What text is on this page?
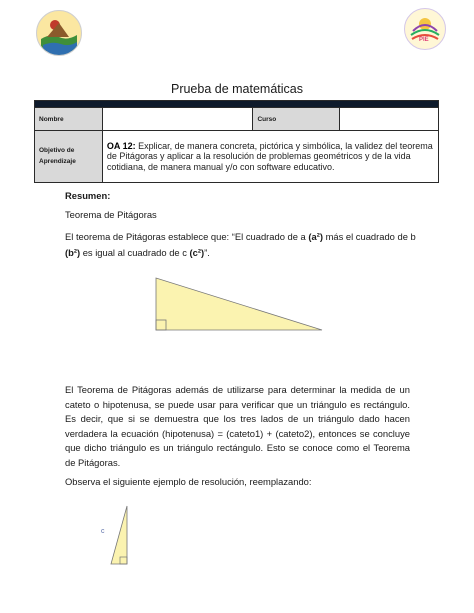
PIE
Prueba de matemáticas

Nombre		Curso	
Objetivo de
Aprendizaje	OA 12: Explicar, de manera concreta, pictórica y simbólica, la validez del teorema de Pitágoras y aplicar a la resolución de problemas geométricos y de la vida cotidiana, de manera manual y/o con software educativo.		
Resumen:
Teorema de Pitágoras
El teorema de Pitágoras establece que: “El cuadrado de a (a²) más el cuadrado de b (b²) es igual al cuadrado de c (c²)”.
El Teorema de Pitágoras además de utilizarse para determinar la medida de un cateto o hipotenusa, se puede usar para verificar que un triángulo es rectángulo. Es decir, que si se demuestra que los tres lados de un triángulo dado hacen verdadera la ecuación (hipotenusa) = (cateto1) + (cateto2), entonces se concluye que dicho triángulo es un triángulo rectángulo. Esto se conoce como el Teorema de Pitágoras.
Observa el siguiente ejemplo de resolución, reemplazando:
c
